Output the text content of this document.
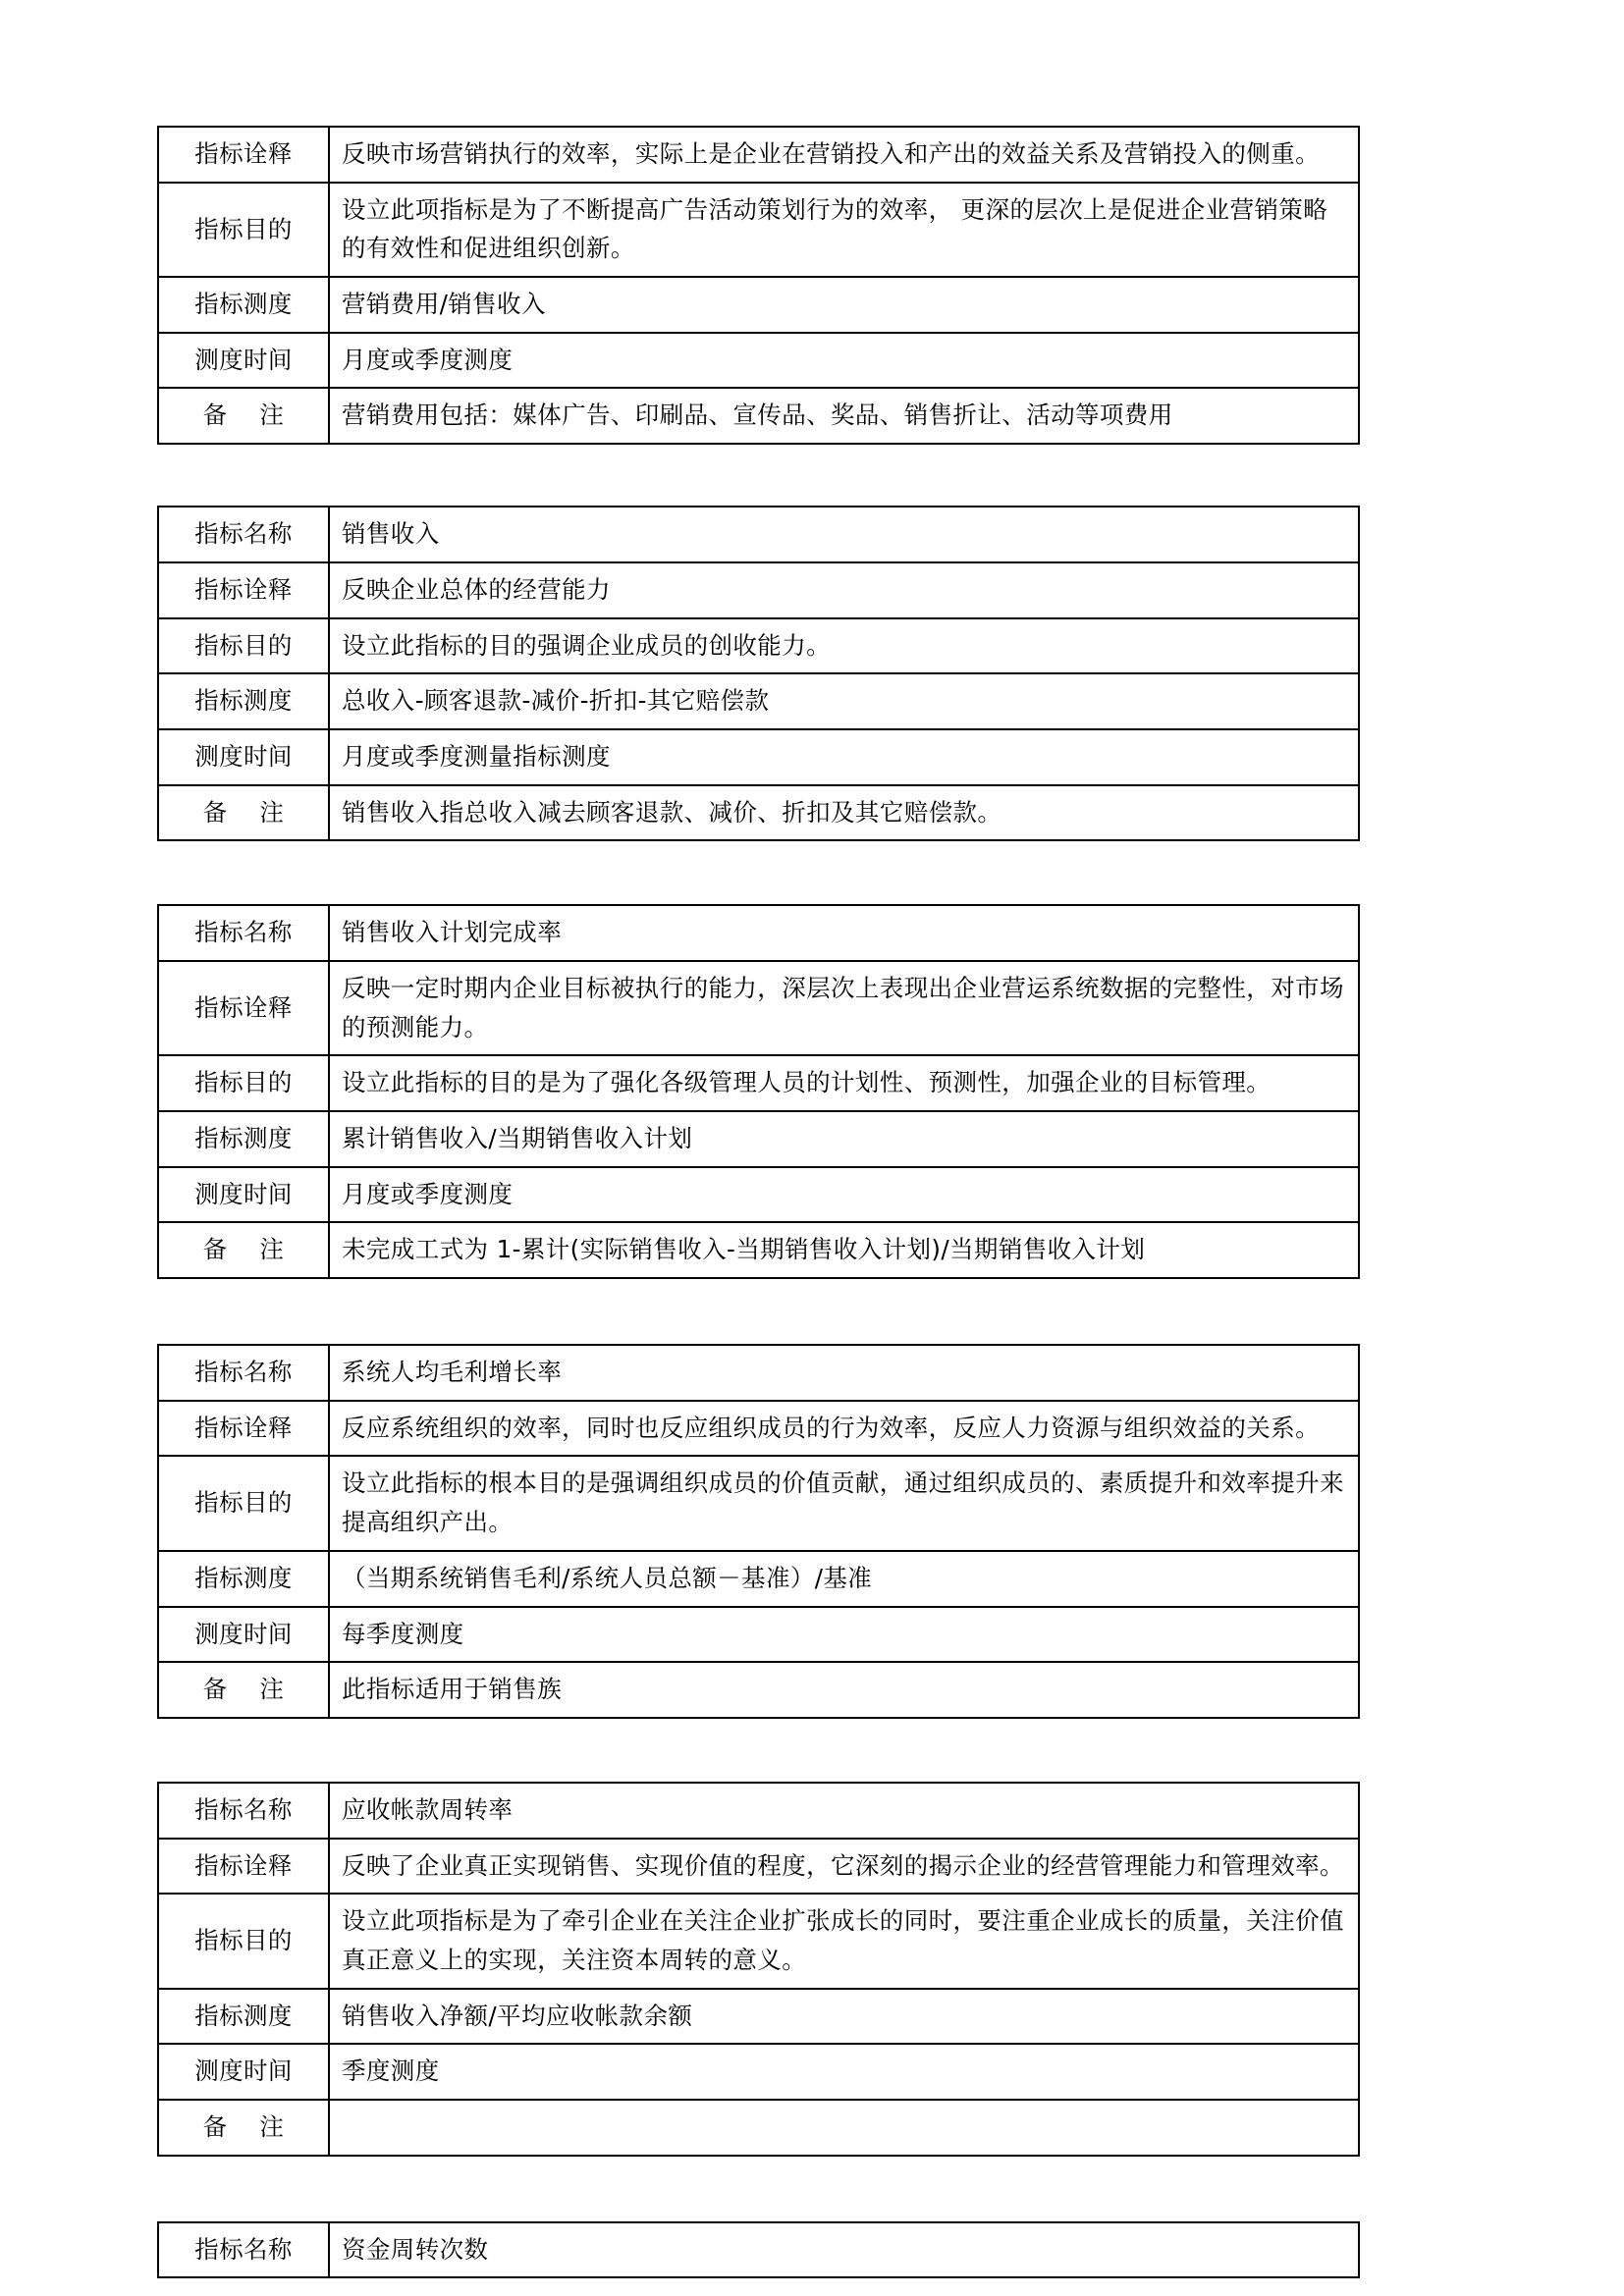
指标诠释	反映市场营销执行的效率，实际上是企业在营销投入和产出的效益关系及营销投入的侧重。

指标目的	设立此项指标是为了不断提高广告活动策划行为的效率， 更深的层次上是促进企业营销策略的有效性和促进组织创新。

指标测度	营销费用/销售收入

测度时间	月度或季度测度

备    注	营销费用包括：媒体广告、印刷品、宣传品、奖品、销售折让、活动等项费用
指标名称	销售收入

指标诠释	反映企业总体的经营能力

指标目的	设立此指标的目的强调企业成员的创收能力。

指标测度	总收入-顾客退款-减价-折扣-其它赔偿款

测度时间	月度或季度测量指标测度

备    注	销售收入指总收入减去顾客退款、减价、折扣及其它赔偿款。
指标名称	销售收入计划完成率

指标诠释	反映一定时期内企业目标被执行的能力，深层次上表现出企业营运系统数据的完整性，对市场的预测能力。

指标目的	设立此指标的目的是为了强化各级管理人员的计划性、预测性，加强企业的目标管理。

指标测度	累计销售收入/当期销售收入计划

测度时间	月度或季度测度

备    注	未完成工式为 1-累计(实际销售收入-当期销售收入计划)/当期销售收入计划
指标名称	系统人均毛利增长率

指标诠释	反应系统组织的效率，同时也反应组织成员的行为效率，反应人力资源与组织效益的关系。

指标目的	设立此指标的根本目的是强调组织成员的价值贡献，通过组织成员的、素质提升和效率提升来提高组织产出。

指标测度	（当期系统销售毛利/系统人员总额－基准）/基准

测度时间	每季度测度

备    注	此指标适用于销售族
指标名称	应收帐款周转率

指标诠释	反映了企业真正实现销售、实现价值的程度，它深刻的揭示企业的经营管理能力和管理效率。

指标目的	设立此项指标是为了牵引企业在关注企业扩张成长的同时，要注重企业成长的质量，关注价值真正意义上的实现，关注资本周转的意义。

指标测度	销售收入净额/平均应收帐款余额

测度时间	季度测度

备    注	
指标名称	资金周转次数
